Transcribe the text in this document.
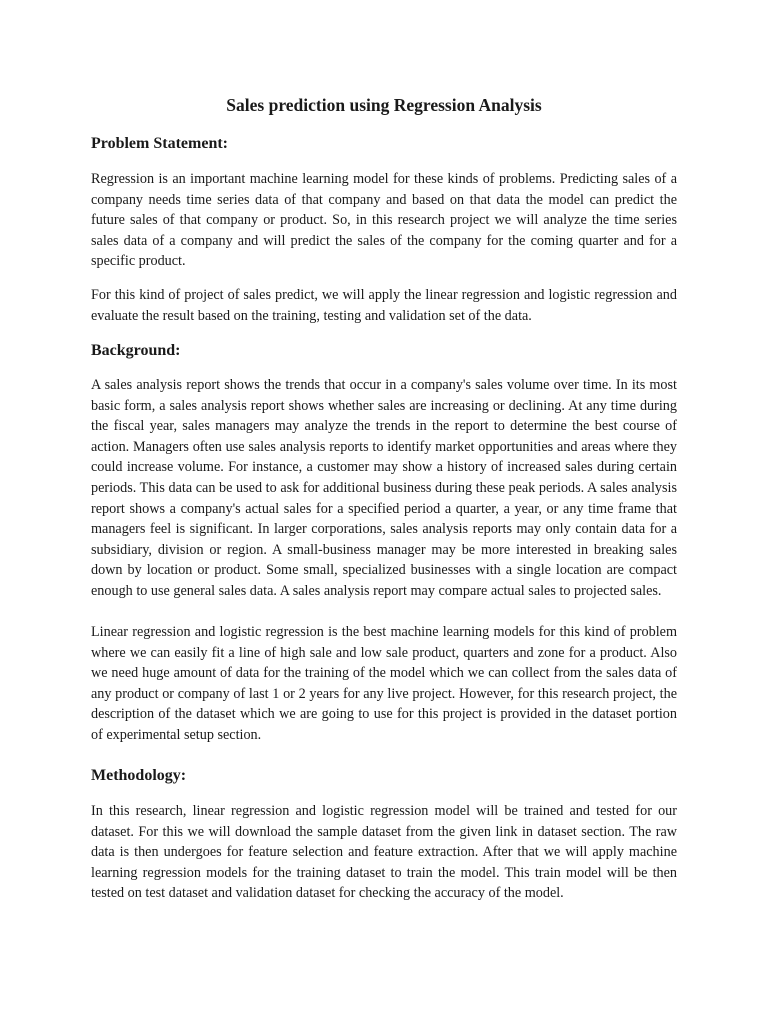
Sales prediction using Regression Analysis
Problem Statement:

Regression is an important machine learning model for these kinds of problems. Predicting sales of a company needs time series data of that company and based on that data the model can predict the future sales of that company or product. So, in this research project we will analyze the time series sales data of a company and will predict the sales of the company for the coming quarter and for a specific product.

For this kind of project of sales predict, we will apply the linear regression and logistic regression and evaluate the result based on the training, testing and validation set of the data.

Background:

A sales analysis report shows the trends that occur in a company's sales volume over time. In its most basic form, a sales analysis report shows whether sales are increasing or declining. At any time during the fiscal year, sales managers may analyze the trends in the report to determine the best course of action. Managers often use sales analysis reports to identify market opportunities and areas where they could increase volume. For instance, a customer may show a history of increased sales during certain periods. This data can be used to ask for additional business during these peak periods. A sales analysis report shows a company's actual sales for a specified period a quarter, a year, or any time frame that managers feel is significant. In larger corporations, sales analysis reports may only contain data for a subsidiary, division or region. A small-business manager may be more interested in breaking sales down by location or product. Some small, specialized businesses with a single location are compact enough to use general sales data. A sales analysis report may compare actual sales to projected sales.

Linear regression and logistic regression is the best machine learning models for this kind of problem where we can easily fit a line of high sale and low sale product, quarters and zone for a product. Also we need huge amount of data for the training of the model which we can collect from the sales data of any product or company of last 1 or 2 years for any live project. However, for this research project, the description of the dataset which we are going to use for this project is provided in the dataset portion of experimental setup section.

Methodology:

In this research, linear regression and logistic regression model will be trained and tested for our dataset. For this we will download the sample dataset from the given link in dataset section. The raw data is then undergoes for feature selection and feature extraction. After that we will apply machine learning regression models for the training dataset to train the model. This train model will be then tested on test dataset and validation dataset for checking the accuracy of the model.
